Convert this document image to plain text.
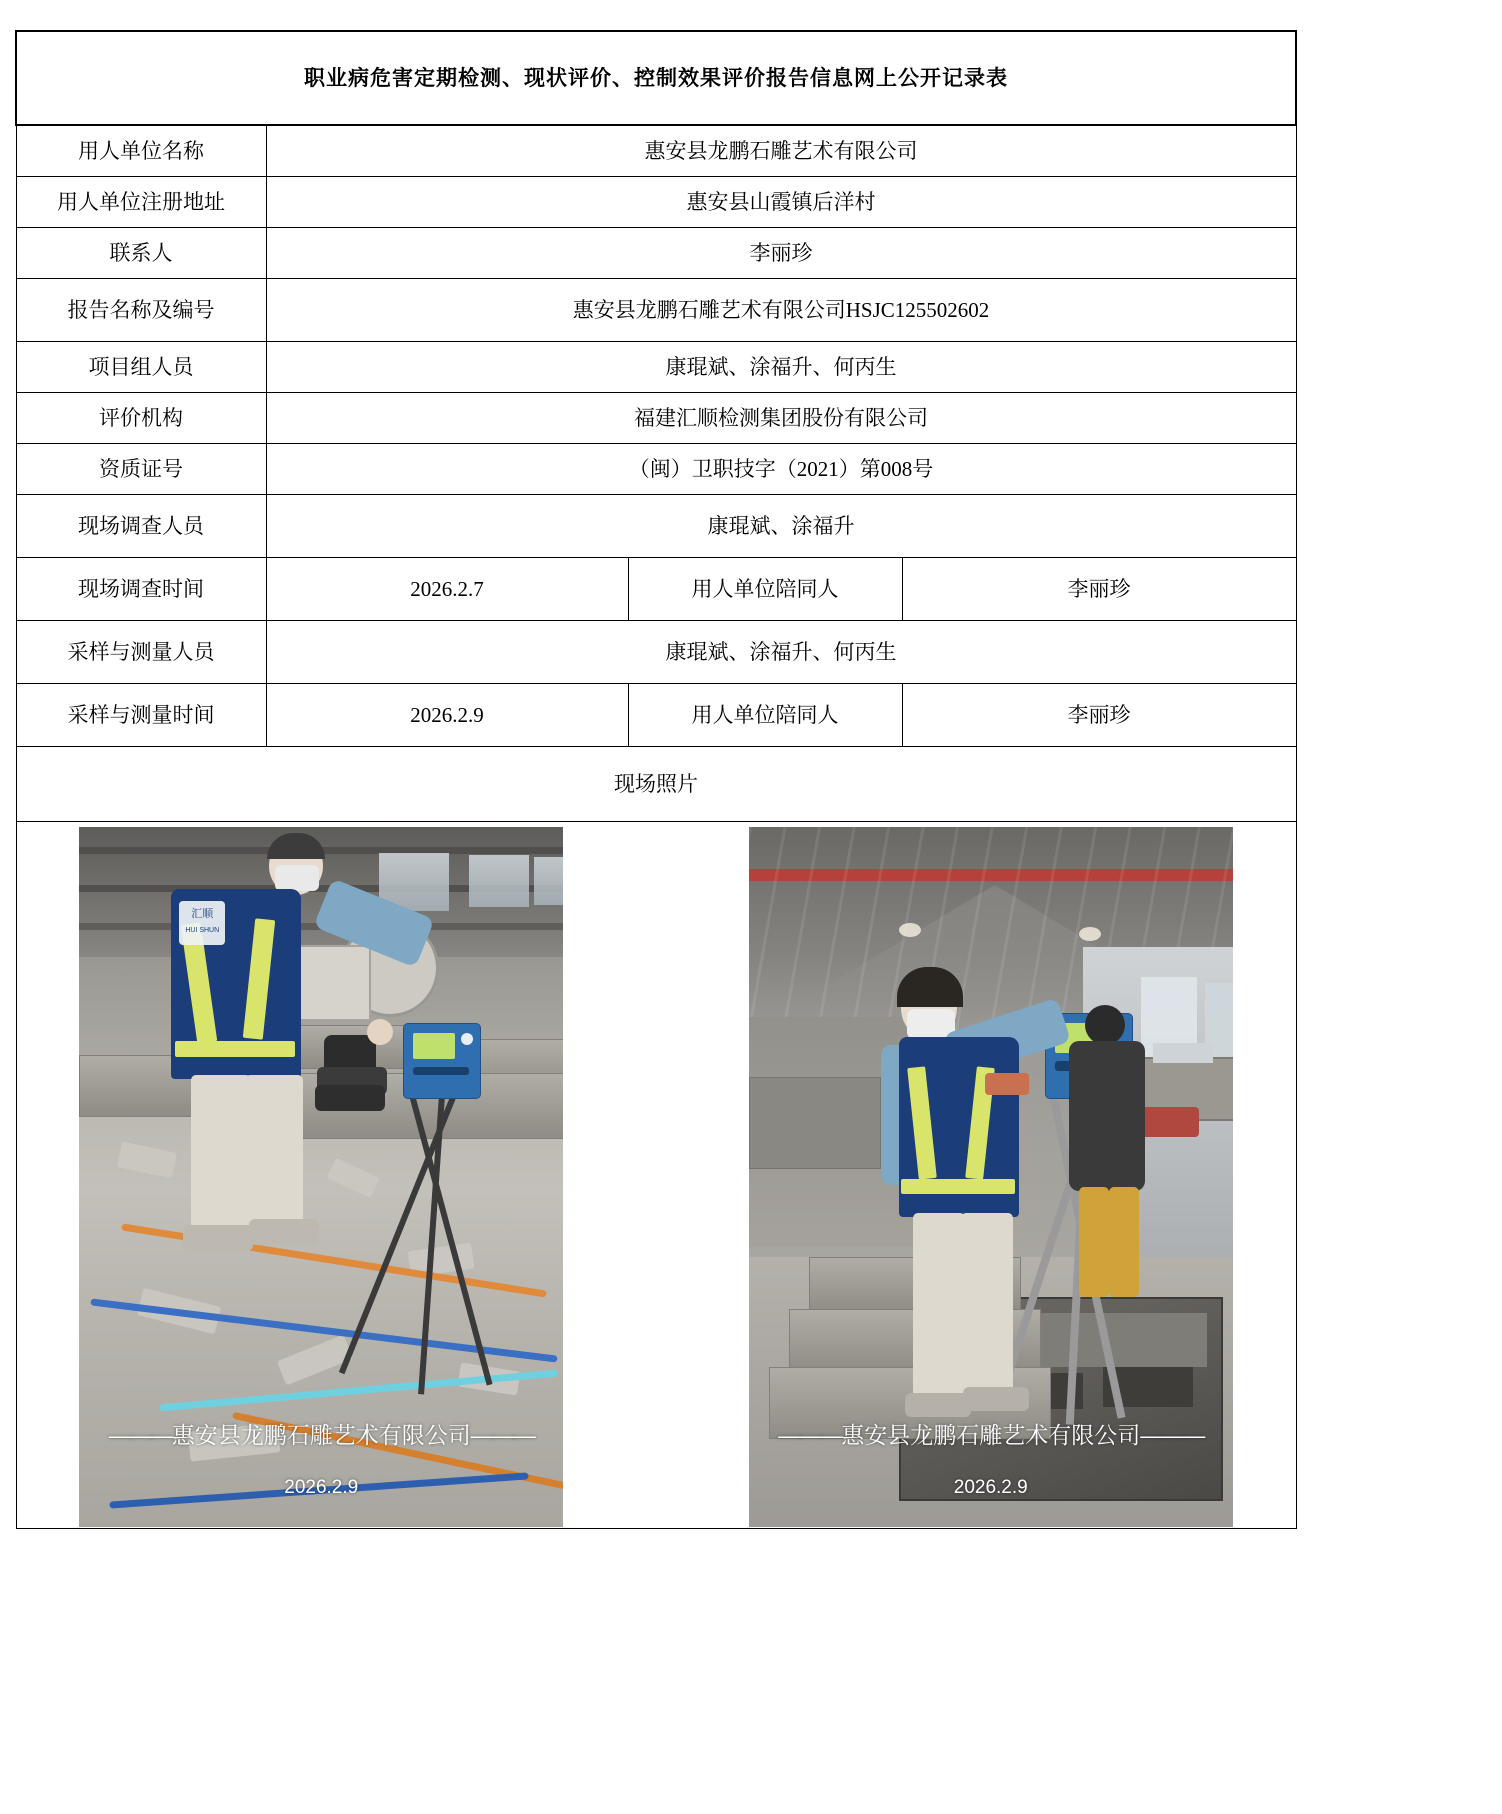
职业病危害定期检测、现状评价、控制效果评价报告信息网上公开记录表			
用人单位名称	惠安县龙鹏石雕艺术有限公司		
用人单位注册地址	惠安县山霞镇后洋村		
联系人	李丽珍		
报告名称及编号	惠安县龙鹏石雕艺术有限公司HSJC125502602		
项目组人员	康琨斌、涂福升、何丙生		
评价机构	福建汇顺检测集团股份有限公司		
资质证号	（闽）卫职技字（2021）第008号		
现场调查人员	康琨斌、涂福升		
现场调查时间	2026.2.7	用人单位陪同人	李丽珍
采样与测量人员	康琨斌、涂福升、何丙生		
采样与测量时间	2026.2.9	用人单位陪同人	李丽珍
现场照片			

汇顺
HUI SHUN
———惠安县龙鹏石雕艺术有限公司———
2026.2.9
———惠安县龙鹏石雕艺术有限公司———
2026.2.9
